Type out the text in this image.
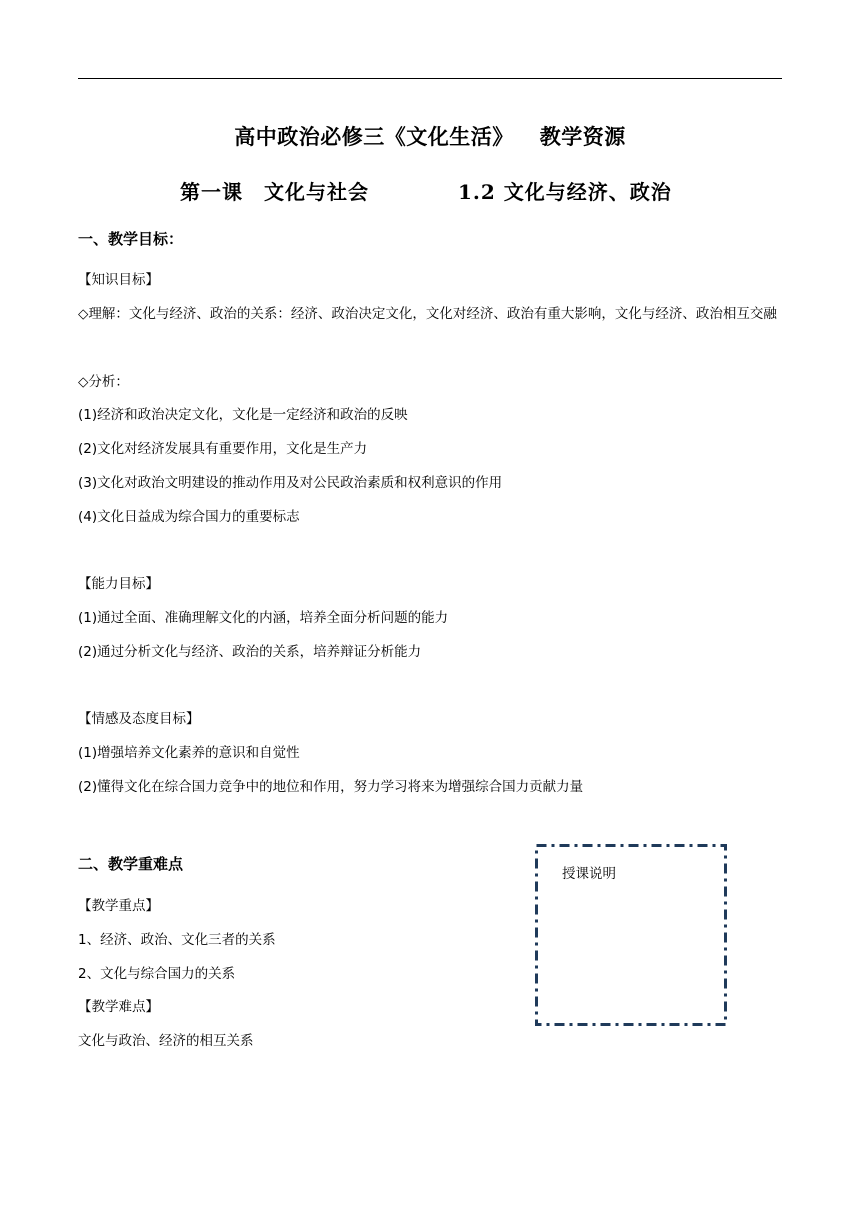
高中政治必修三《文化生活》 教学资源
第一课　文化与社会	1.2 文化与经济、政治
一、教学目标：
【知识目标】
◇理解：文化与经济、政治的关系：经济、政治决定文化，文化对经济、政治有重大影响，文化与经济、政治相互交融
◇分析：
(1)经济和政治决定文化，文化是一定经济和政治的反映
(2)文化对经济发展具有重要作用，文化是生产力
(3)文化对政治文明建设的推动作用及对公民政治素质和权利意识的作用
(4)文化日益成为综合国力的重要标志
【能力目标】
(1)通过全面、准确理解文化的内涵，培养全面分析问题的能力
(2)通过分析文化与经济、政治的关系，培养辩证分析能力
【情感及态度目标】
(1)增强培养文化素养的意识和自觉性
(2)懂得文化在综合国力竞争中的地位和作用，努力学习将来为增强综合国力贡献力量
二、教学重难点
【教学重点】
1、经济、政治、文化三者的关系
2、文化与综合国力的关系
【教学难点】
文化与政治、经济的相互关系
授课说明
